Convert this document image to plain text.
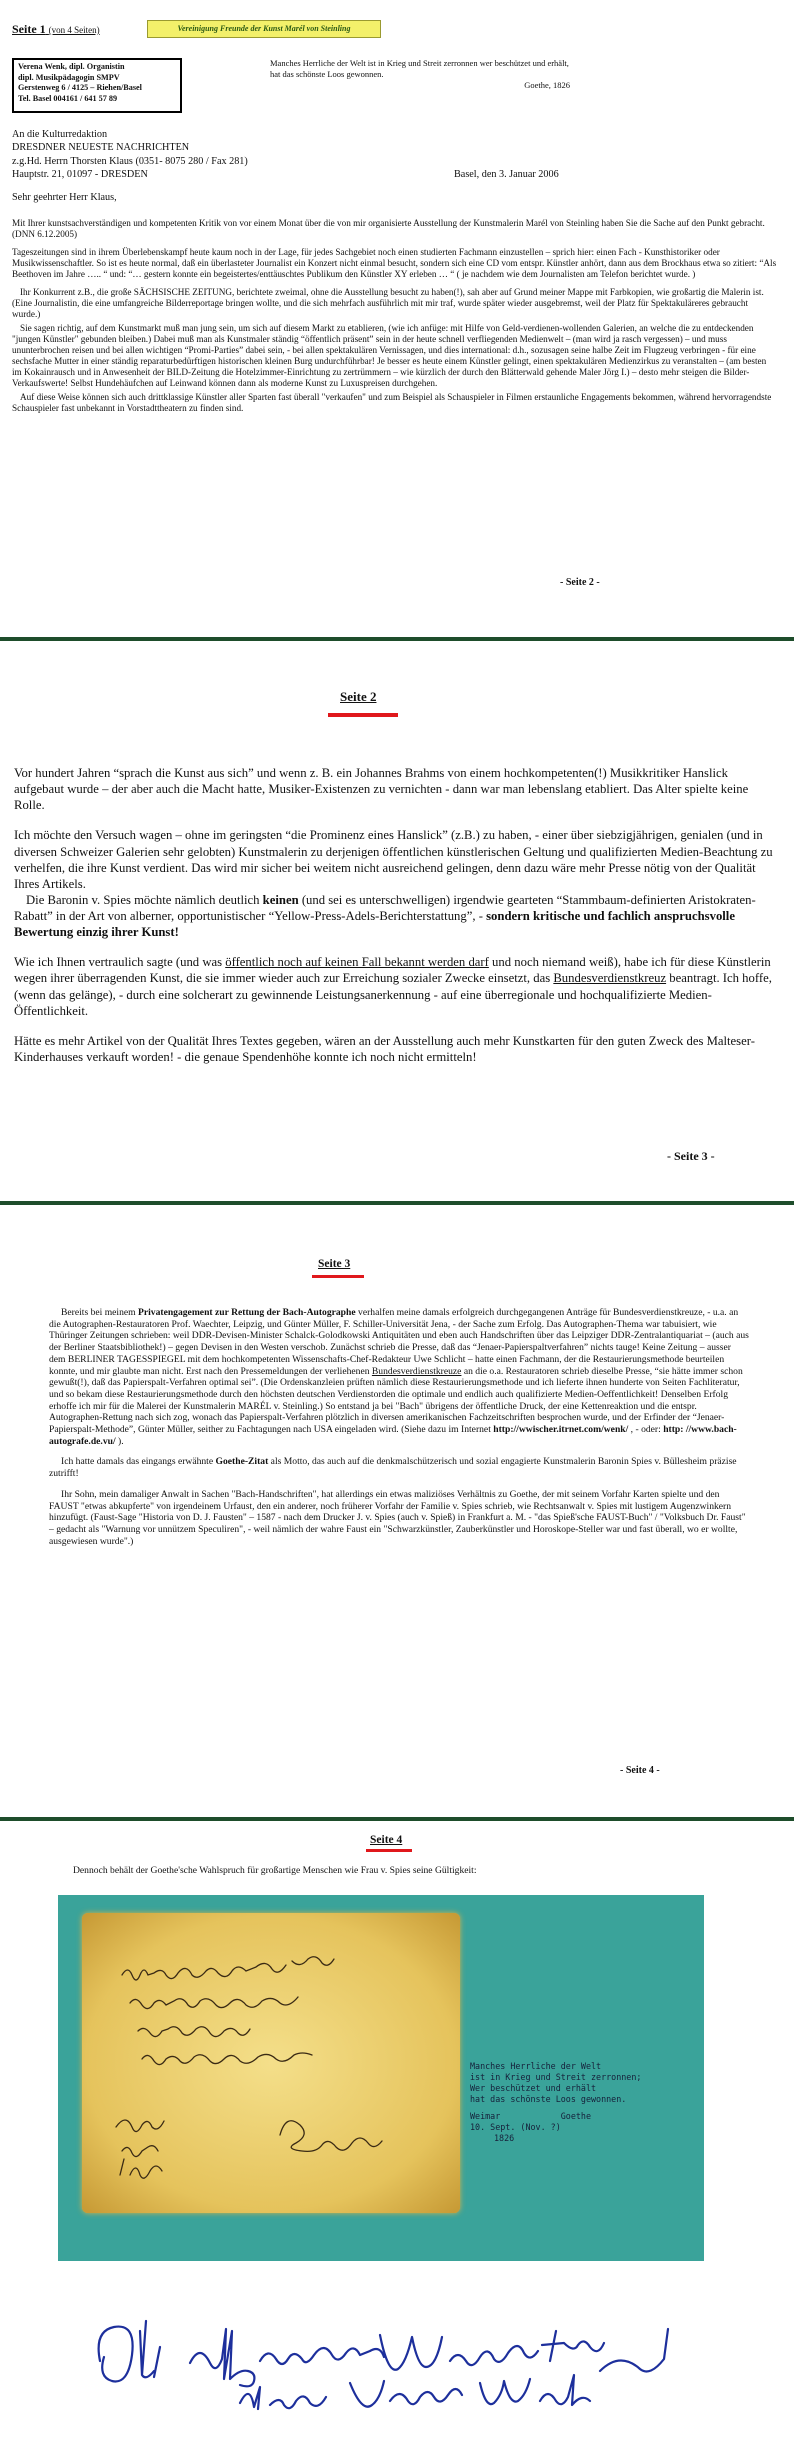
Seite 1 (von 4 Seiten)	Vereinigung Freunde der Kunst Marél von Steinling
Verena Wenk, dipl. Organistin
dipl. Musikpädagogin SMPV
Gerstenweg 6 / 4125 – Riehen/Basel
Tel. Basel 004161 / 641 57 89
Manches Herrliche der Welt ist in Krieg und Streit zerronnen wer beschützet und erhält, hat das schönste Loos gewonnen.
Goethe, 1826
An die Kulturredaktion
DRESDNER NEUESTE NACHRICHTEN
z.g.Hd. Herrn Thorsten Klaus (0351- 8075 280 / Fax 281)
Hauptstr. 21, 01097 - DRESDEN	Basel, den 3. Januar 2006
Sehr geehrter Herr Klaus,

Mit Ihrer kunstsachverständigen und kompetenten Kritik von vor einem Monat über die von mir organisierte Ausstellung der Kunstmalerin Marél von Steinling haben Sie die Sache auf den Punkt gebracht. (DNN 6.12.2005)

Tageszeitungen sind in ihrem Überlebenskampf heute kaum noch in der Lage, für jedes Sachgebiet noch einen studierten Fachmann einzustellen – sprich hier: einen Fach - Kunsthistoriker oder Musikwissenschaftler. So ist es heute normal, daß ein überlasteter Journalist ein Konzert nicht einmal besucht, sondern sich eine CD vom entspr. Künstler anhört, dann aus dem Brockhaus etwa so zitiert: “Als Beethoven im Jahre ….. “ und: “… gestern konnte ein begeistertes/enttäuschtes Publikum den Künstler XY erleben … “ ( je nachdem wie dem Journalisten am Telefon berichtet wurde. )

Ihr Konkurrent z.B., die große SÄCHSISCHE ZEITUNG, berichtete zweimal, ohne die Ausstellung besucht zu haben(!), sah aber auf Grund meiner Mappe mit Farbkopien, wie großartig die Malerin ist. (Eine Journalistin, die eine umfangreiche Bilderreportage bringen wollte, und die sich mehrfach ausführlich mit mir traf, wurde später wieder ausgebremst, weil der Platz für Spektakuläreres gebraucht wurde.)

Sie sagen richtig, auf dem Kunstmarkt muß man jung sein, um sich auf diesem Markt zu etablieren, (wie ich anfüge: mit Hilfe von Geld-verdienen-wollenden Galerien, an welche die zu entdeckenden "jungen Künstler" gebunden bleiben.) Dabei muß man als Kunstmaler ständig “öffentlich präsent” sein in der heute schnell verfliegenden Medienwelt – (man wird ja rasch vergessen) – und muss ununterbrochen reisen und bei allen wichtigen “Promi-Parties” dabei sein, - bei allen spektakulären Vernissagen, und dies international: d.h., sozusagen seine halbe Zeit im Flugzeug verbringen - für eine sechsfache Mutter in einer ständig reparaturbedürftigen historischen kleinen Burg undurchführbar! Je besser es heute einem Künstler gelingt, einen spektakulären Medienzirkus zu veranstalten – (am besten im Kokainrausch und in Anwesenheit der BILD-Zeitung die Hotelzimmer-Einrichtung zu zertrümmern – wie kürzlich der durch den Blätterwald gehende Maler Jörg I.) – desto mehr steigen die Bilder-Verkaufswerte! Selbst Hundehäufchen auf Leinwand können dann als moderne Kunst zu Luxuspreisen durchgehen.

Auf diese Weise können sich auch drittklassige Künstler aller Sparten fast überall "verkaufen" und zum Beispiel als Schauspieler in Filmen erstaunliche Engagements bekommen, während hervorragendste Schauspieler fast unbekannt in Vorstadttheatern zu finden sind.

- Seite 2 -
Seite 2

Vor hundert Jahren “sprach die Kunst aus sich” und wenn z. B. ein Johannes Brahms von einem hochkompetenten(!) Musikkritiker Hanslick aufgebaut wurde – der aber auch die Macht hatte, Musiker-Existenzen zu vernichten - dann war man lebenslang etabliert. Das Alter spielte keine Rolle.

Ich möchte den Versuch wagen – ohne im geringsten “die Prominenz eines Hanslick” (z.B.) zu haben, - einer über siebzigjährigen, genialen (und in diversen Schweizer Galerien sehr gelobten) Kunstmalerin zu derjenigen öffentlichen künstlerischen Geltung und qualifizierten Medien-Beachtung zu verhelfen, die ihre Kunst verdient. Das wird mir sicher bei weitem nicht ausreichend gelingen, denn dazu wäre mehr Presse nötig von der Qualität Ihres Artikels.

Die Baronin v. Spies möchte nämlich deutlich keinen (und sei es unterschwelligen) irgendwie gearteten “Stammbaum-definierten Aristokraten-Rabatt” in der Art von alberner, opportunistischer “Yellow-Press-Adels-Berichterstattung”, - sondern kritische und fachlich anspruchsvolle Bewertung einzig ihrer Kunst!

Wie ich Ihnen vertraulich sagte (und was öffentlich noch auf keinen Fall bekannt werden darf und noch niemand weiß), habe ich für diese Künstlerin wegen ihrer überragenden Kunst, die sie immer wieder auch zur Erreichung sozialer Zwecke einsetzt, das Bundesverdienstkreuz beantragt. Ich hoffe, (wenn das gelänge), - durch eine solcherart zu gewinnende Leistungsanerkennung - auf eine überregionale und hochqualifizierte Medien-Öffentlichkeit.

Hätte es mehr Artikel von der Qualität Ihres Textes gegeben, wären an der Ausstellung auch mehr Kunstkarten für den guten Zweck des Malteser-Kinderhauses verkauft worden! - die genaue Spendenhöhe konnte ich noch nicht ermitteln!

- Seite 3 -
Seite 3

Bereits bei meinem Privatengagement zur Rettung der Bach-Autographe verhalfen meine damals erfolgreich durchgegangenen Anträge für Bundesverdienstkreuze, - u.a. an die Autographen-Restauratoren Prof. Waechter, Leipzig, und Günter Müller, F. Schiller-Universität Jena, - der Sache zum Erfolg. Das Autographen-Thema war tabuisiert, wie Thüringer Zeitungen schrieben: weil DDR-Devisen-Minister Schalck-Golodkowski Antiquitäten und eben auch Handschriften über das Leipziger DDR-Zentralantiquariat – (auch aus der Berliner Staatsbibliothek!) – gegen Devisen in den Westen verschob. Zunächst schrieb die Presse, daß das “Jenaer-Papierspaltverfahren” nichts tauge! Keine Zeitung – ausser dem BERLINER TAGESSPIEGEL mit dem hochkompetenten Wissenschafts-Chef-Redakteur Uwe Schlicht – hatte einen Fachmann, der die Restaurierungsmethode beurteilen konnte, und mir glaubte man nicht. Erst nach den Pressemeldungen der verliehenen Bundesverdienstkreuze an die o.a. Restauratoren schrieb dieselbe Presse, “sie hätte immer schon gewußt(!), daß das Papierspalt-Verfahren optimal sei”. (Die Ordenskanzleien prüften nämlich diese Restaurierungsmethode und ich lieferte ihnen hunderte von Seiten Fachliteratur, und so bekam diese Restaurierungsmethode durch den höchsten deutschen Verdienstorden die optimale und endlich auch qualifizierte Medien-Oeffentlichkeit! Denselben Erfolg erhoffe ich mir für die Malerei der Kunstmalerin MARÉL v. Steinling.) So entstand ja bei "Bach" übrigens der öffentliche Druck, der eine Kettenreaktion und die entspr. Autographen-Rettung nach sich zog, wonach das Papierspalt-Verfahren plötzlich in diversen amerikanischen Fachzeitschriften besprochen wurde, und der Erfinder der “Jenaer-Papierspalt-Methode”, Günter Müller, seither zu Fachtagungen nach USA eingeladen wird. (Siehe dazu im Internet http://wwischer.itrnet.com/wenk/ , - oder: http: //www.bach-autografe.de.vu/ ).

Ich hatte damals das eingangs erwähnte Goethe-Zitat als Motto, das auch auf die denkmalschützerisch und sozial engagierte Kunstmalerin Baronin Spies v. Büllesheim präzise zutrifft!

Ihr Sohn, mein damaliger Anwalt in Sachen "Bach-Handschriften", hat allerdings ein etwas maliziöses Verhältnis zu Goethe, der mit seinem Vorfahr Karten spielte und den FAUST "etwas abkupferte" von irgendeinem Urfaust, den ein anderer, noch früherer Vorfahr der Familie v. Spies schrieb, wie Rechtsanwalt v. Spies mit lustigem Augenzwinkern hinzufügt. (Faust-Sage "Historia von D. J. Fausten" – 1587 - nach dem Drucker J. v. Spies (auch v. Spieß) in Frankfurt a. M. - "das Spieß'sche FAUST-Buch" / "Volksbuch Dr. Faust" – gedacht als "Warnung vor unnützem Speculiren", - weil nämlich der wahre Faust ein "Schwarzkünstler, Zauberkünstler und Horoskope-Steller war und fast überall, wo er wollte, ausgewiesen wurde".)

- Seite 4 -
Seite 4
Dennoch behält der Goethe'sche Wahlspruch für großartige Menschen wie Frau v. Spies seine Gültigkeit:
Manches Herrliche der Welt
ist in Krieg und Streit zerronnen;
Wer beschützet und erhält
hat das schönste Loos gewonnen.
Weimar            Goethe
10. Sept. (Nov. ?)
1826
